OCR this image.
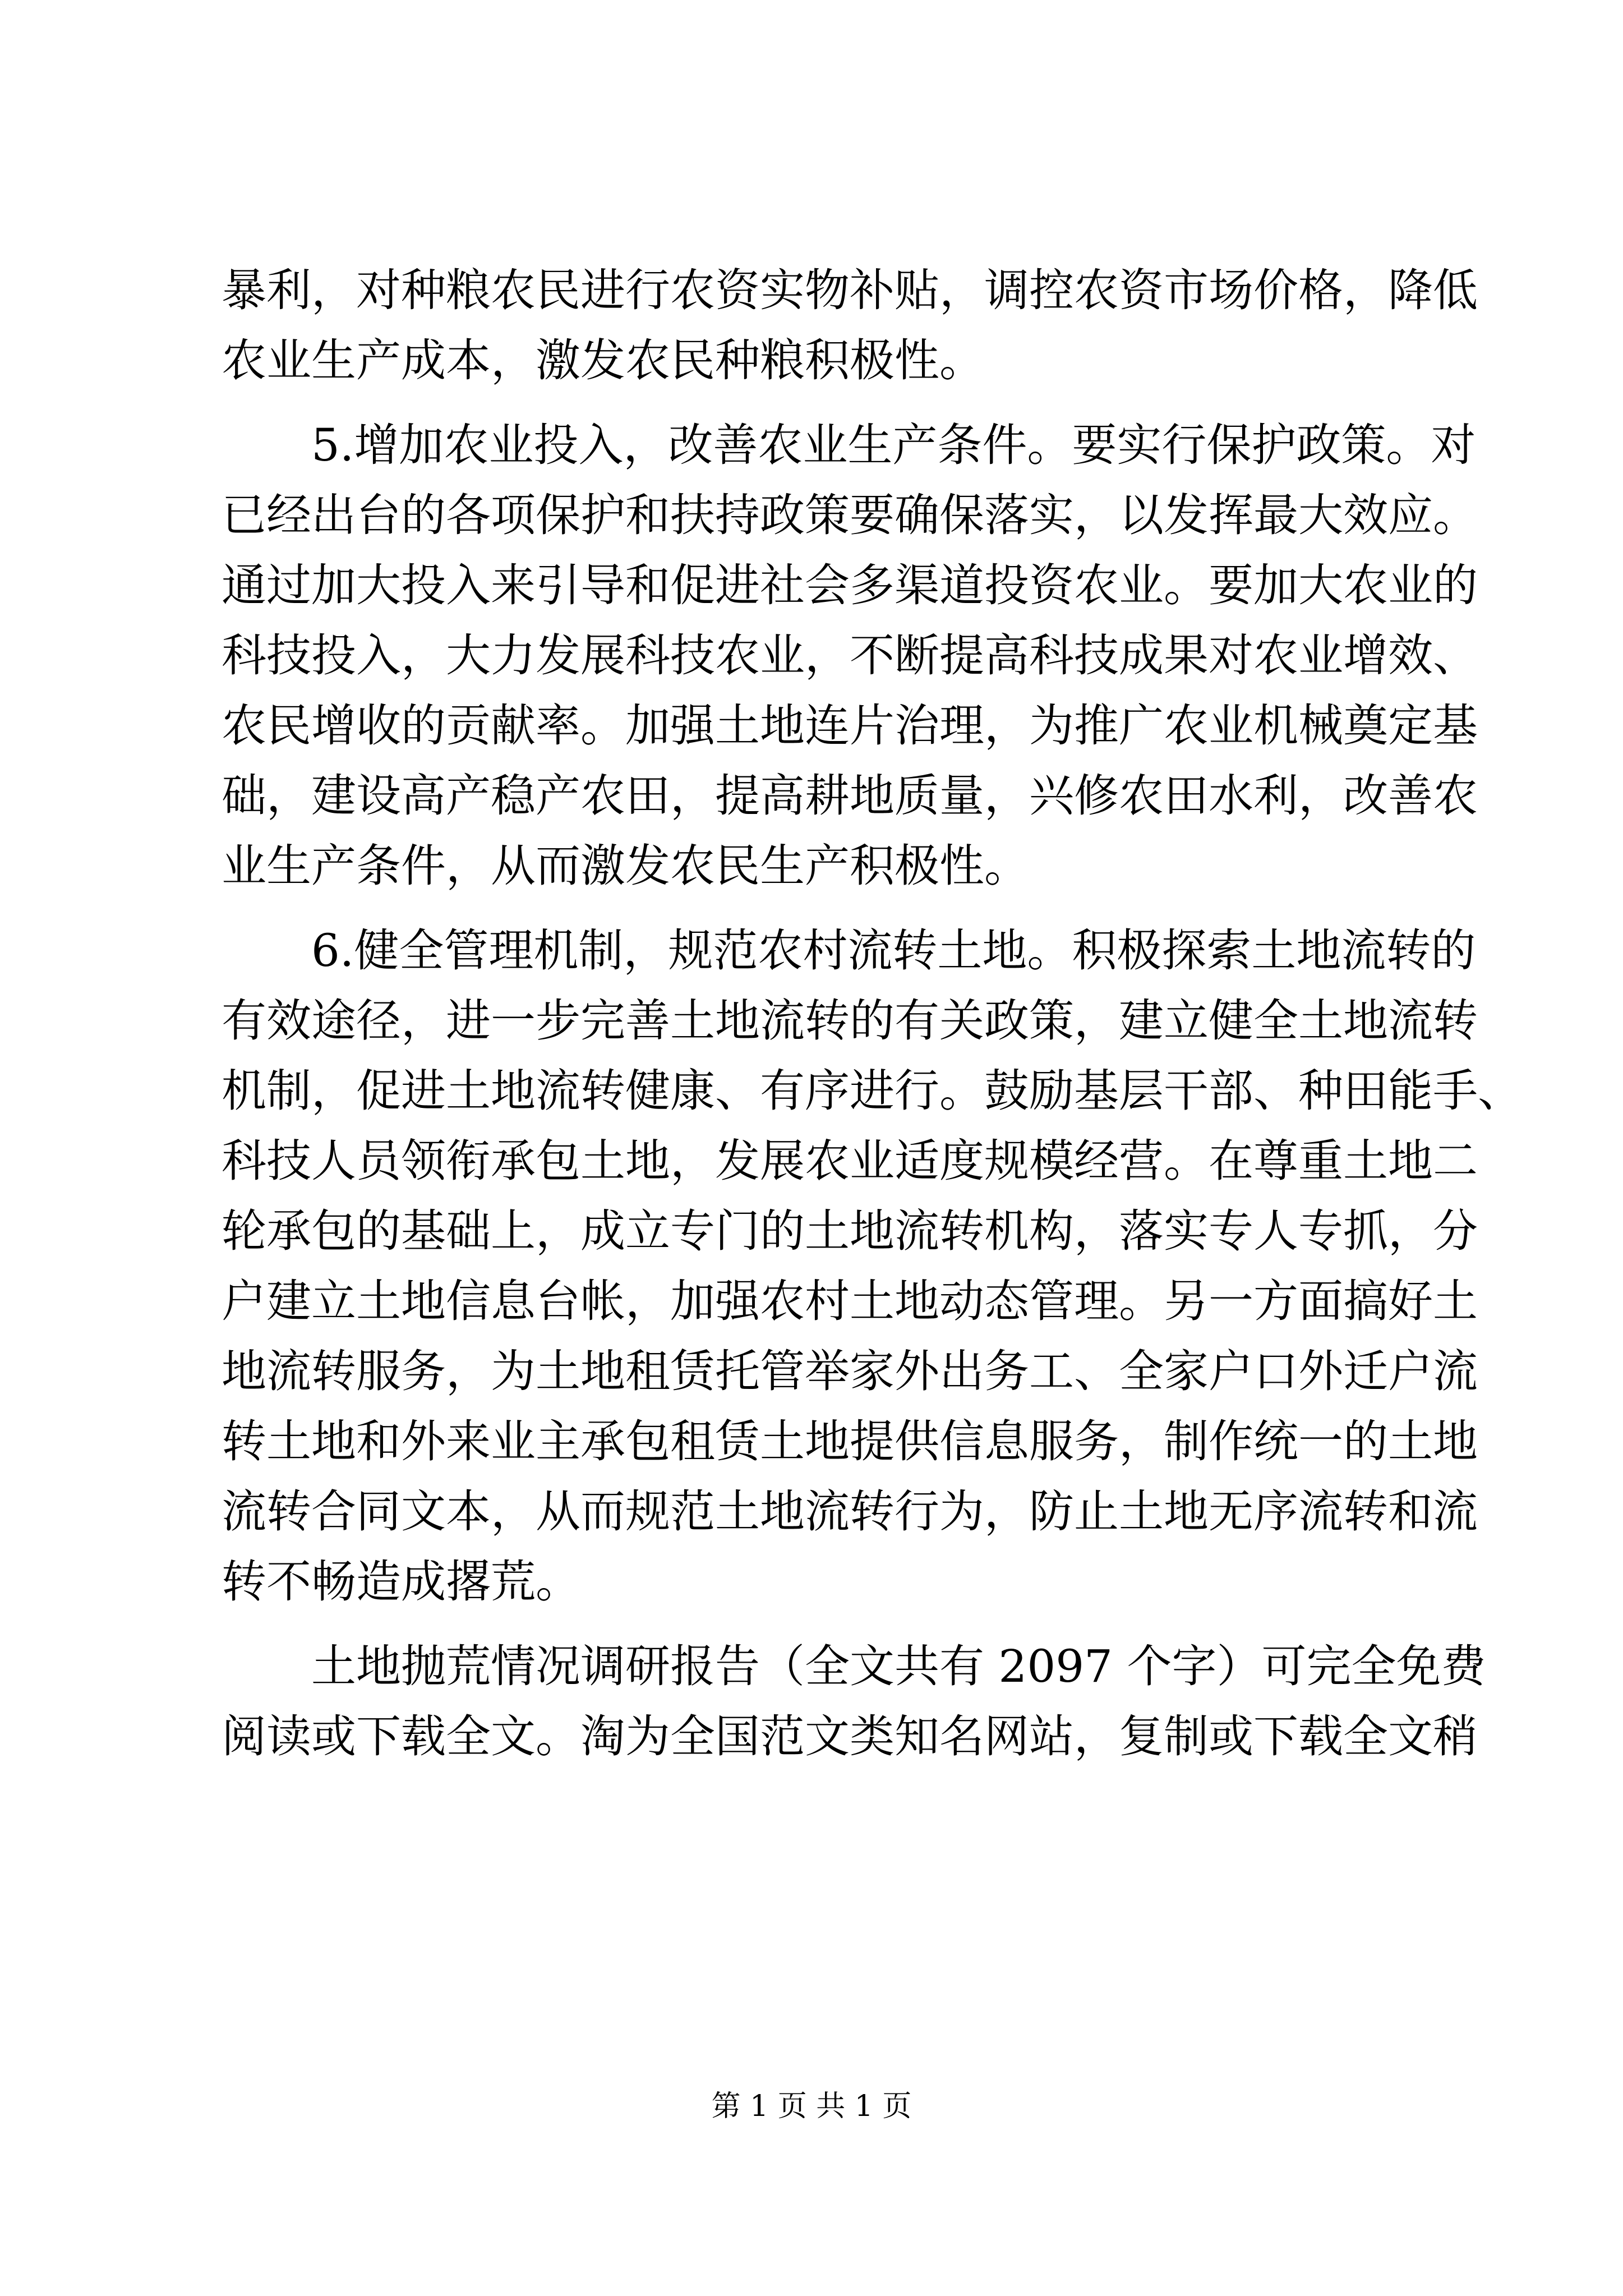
暴利，对种粮农民进行农资实物补贴，调控农资市场价格，降低
农业生产成本，激发农民种粮积极性。
5.增加农业投入，改善农业生产条件。要实行保护政策。对
已经出台的各项保护和扶持政策要确保落实，以发挥最大效应。
通过加大投入来引导和促进社会多渠道投资农业。要加大农业的
科技投入，大力发展科技农业，不断提高科技成果对农业增效、
农民增收的贡献率。加强土地连片治理，为推广农业机械奠定基
础，建设高产稳产农田，提高耕地质量，兴修农田水利，改善农
业生产条件，从而激发农民生产积极性。
6.健全管理机制，规范农村流转土地。积极探索土地流转的
有效途径，进一步完善土地流转的有关政策，建立健全土地流转
机制，促进土地流转健康、有序进行。鼓励基层干部、种田能手、
科技人员领衔承包土地，发展农业适度规模经营。在尊重土地二
轮承包的基础上，成立专门的土地流转机构，落实专人专抓，分
户建立土地信息台帐，加强农村土地动态管理。另一方面搞好土
地流转服务，为土地租赁托管举家外出务工、全家户口外迁户流
转土地和外来业主承包租赁土地提供信息服务，制作统一的土地
流转合同文本，从而规范土地流转行为，防止土地无序流转和流
转不畅造成撂荒。
土地抛荒情况调研报告（全文共有 2097 个字）可完全免费
阅读或下载全文。淘为全国范文类知名网站，复制或下载全文稍
第 1 页 共 1 页
